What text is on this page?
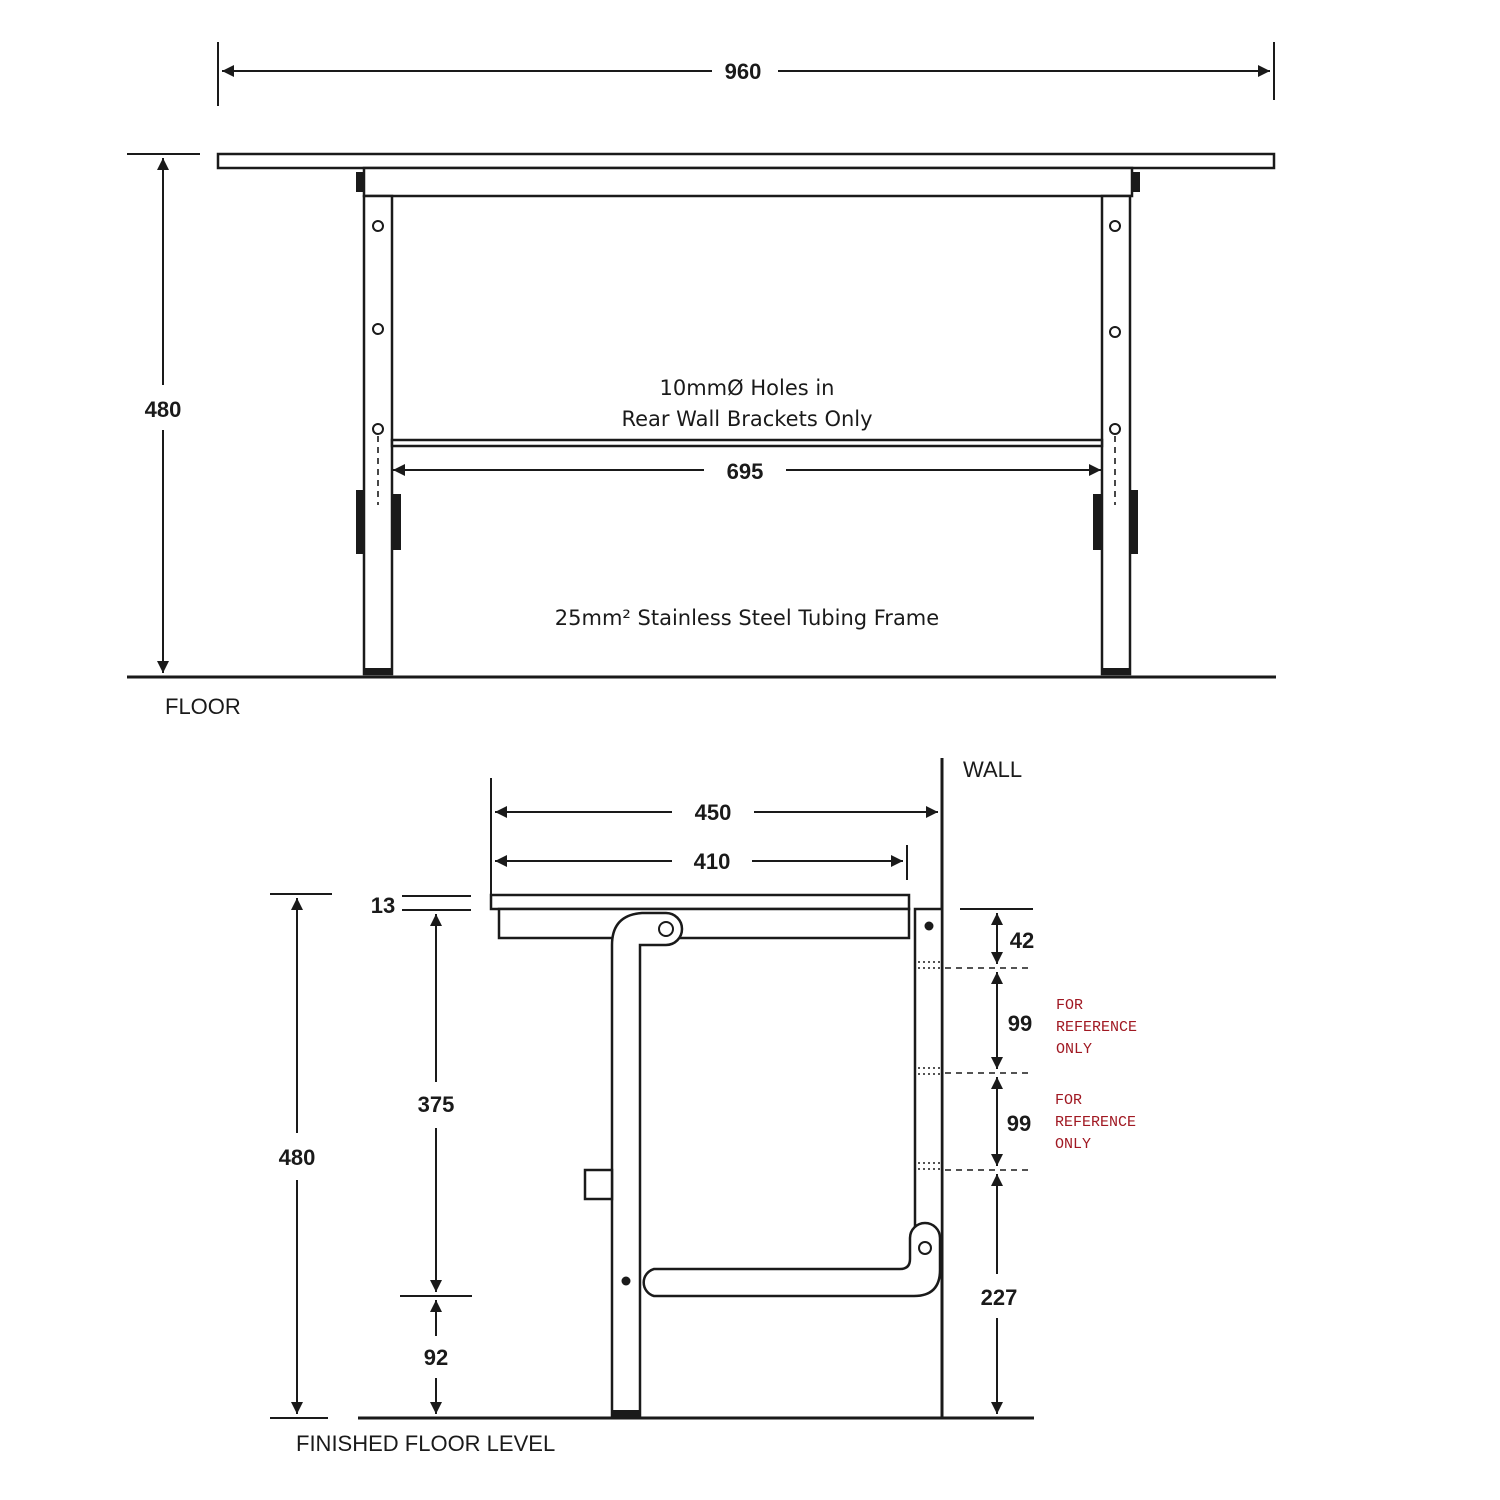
960
10mmØ Holes in
Rear Wall Brackets Only
695
25mm² Stainless Steel Tubing Frame
480
FLOOR
WALL
450
410
13
480
375
92
42
99
99
227
FOR
REFERENCE
ONLY
FOR
REFERENCE
ONLY
FINISHED FLOOR LEVEL
